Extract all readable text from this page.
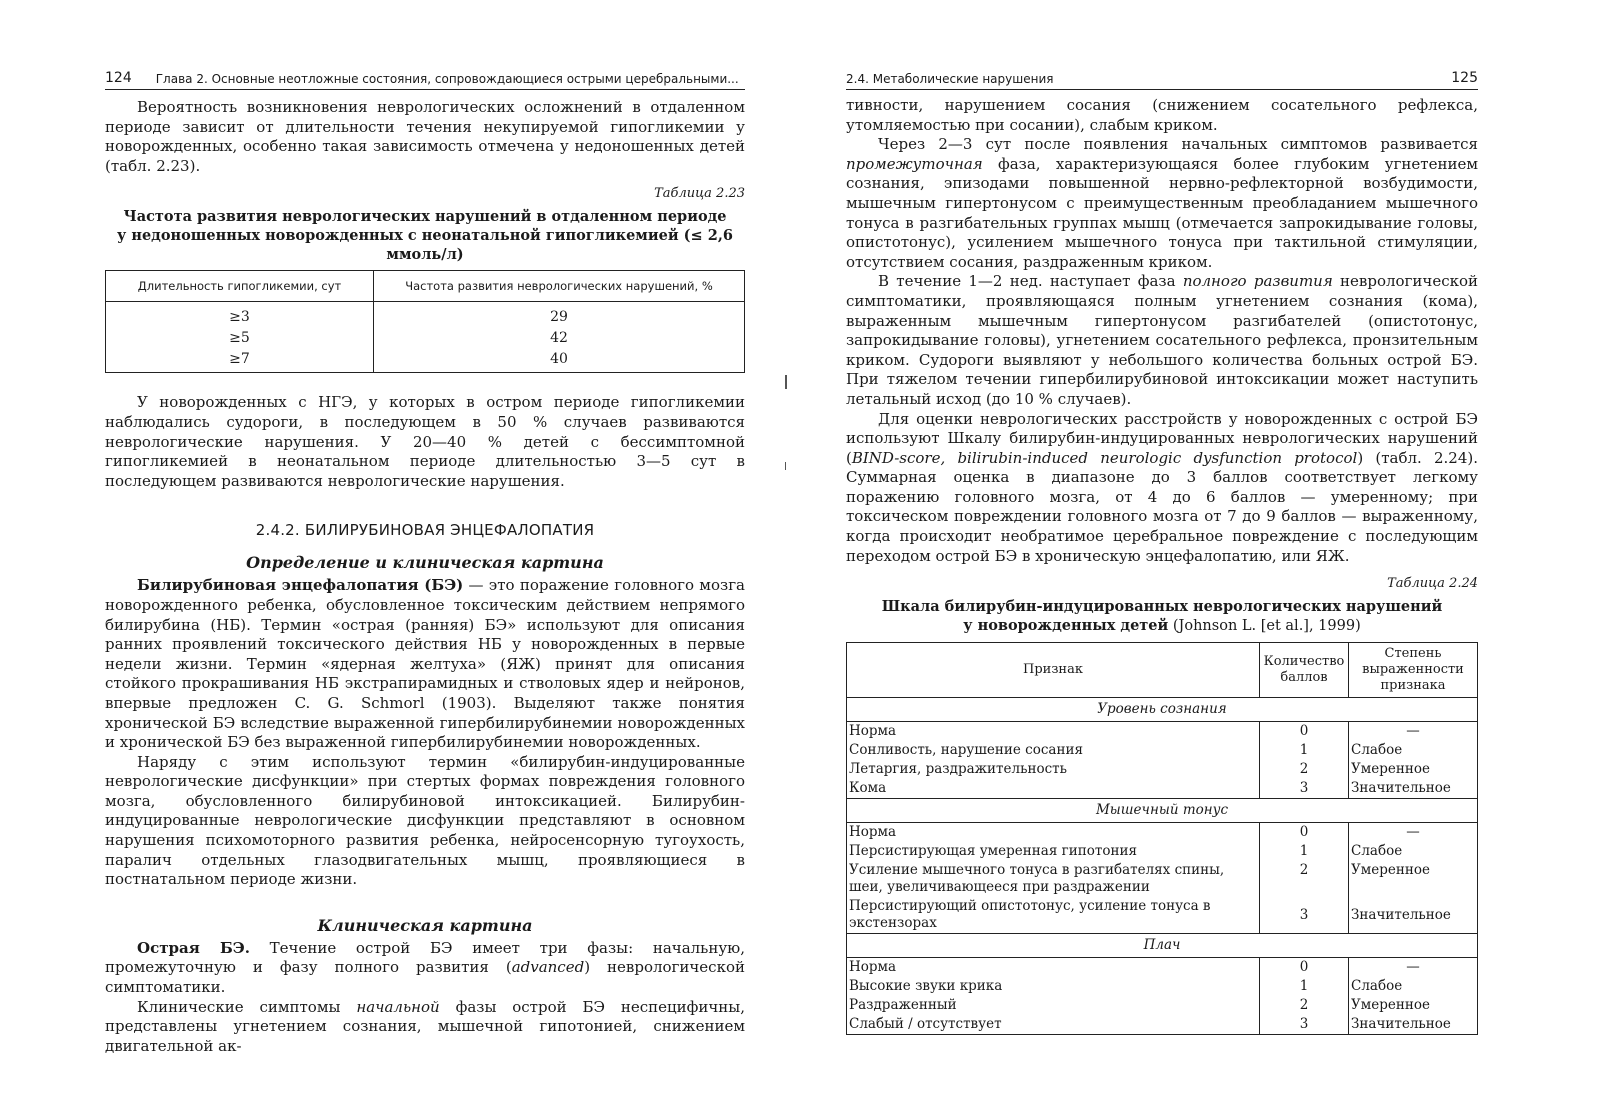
124 Глава 2. Основные неотложные состояния, сопровождающиеся острыми церебральными...

Вероятность возникновения неврологических осложнений в отдаленном периоде зависит от длительности течения некупируемой гипогликемии у новорожденных, особенно такая зависимость отмечена у недоношенных детей (табл. 2.23).

Таблица 2.23
Частота развития неврологических нарушений в отдаленном периоде
у недоношенных новорожденных с неонатальной гипогликемией (≤ 2,6 ммоль/л)
Длительность гипогликемии, сут	Частота развития неврологических нарушений, %
≥3	29
≥5	42
≥7	40

У новорожденных с НГЭ, у которых в остром периоде гипогликемии наблюдались судороги, в последующем в 50 % случаев развиваются неврологические нарушения. У 20—40 % детей с бессимптомной гипогликемией в неонатальном периоде длительностью 3—5 сут в последующем развиваются неврологические нарушения.

2.4.2. БИЛИРУБИНОВАЯ ЭНЦЕФАЛОПАТИЯ
Определение и клиническая картина

Билирубиновая энцефалопатия (БЭ) — это поражение головного мозга новорожденного ребенка, обусловленное токсическим действием непрямого билирубина (НБ). Термин «острая (ранняя) БЭ» используют для описания ранних проявлений токсического действия НБ у новорожденных в первые недели жизни. Термин «ядерная желтуха» (ЯЖ) принят для описания стойкого прокрашивания НБ экстрапирамидных и стволовых ядер и нейронов, впервые предложен C. G. Schmorl (1903). Выделяют также понятия хронической БЭ вследствие выраженной гипербилирубинемии новорожденных и хронической БЭ без выраженной гипербилирубинемии новорожденных.

Наряду с этим используют термин «билирубин-индуцированные неврологические дисфункции» при стертых формах повреждения головного мозга, обусловленного билирубиновой интоксикацией. Билирубин-индуцированные неврологические дисфункции представляют в основном нарушения психомоторного развития ребенка, нейросенсорную тугоухость, паралич отдельных глазодвигательных мышц, проявляющиеся в постнатальном периоде жизни.

Клиническая картина

Острая БЭ. Течение острой БЭ имеет три фазы: начальную, промежуточную и фазу полного развития (advanced) неврологической симптоматики.

Клинические симптомы начальной фазы острой БЭ неспецифичны, представлены угнетением сознания, мышечной гипотонией, снижением двигательной ак-

2.4. Метаболические нарушения	125

тивности, нарушением сосания (снижением сосательного рефлекса, утомляемостью при сосании), слабым криком.

Через 2—3 сут после появления начальных симптомов развивается промежуточная фаза, характеризующаяся более глубоким угнетением сознания, эпизодами повышенной нервно-рефлекторной возбудимости, мышечным гипертонусом с преимущественным преобладанием мышечного тонуса в разгибательных группах мышц (отмечается запрокидывание головы, опистотонус), усилением мышечного тонуса при тактильной стимуляции, отсутствием сосания, раздраженным криком.

В течение 1—2 нед. наступает фаза полного развития неврологической симптоматики, проявляющаяся полным угнетением сознания (кома), выраженным мышечным гипертонусом разгибателей (опистотонус, запрокидывание головы), угнетением сосательного рефлекса, пронзительным криком. Судороги выявляют у небольшого количества больных острой БЭ. При тяжелом течении гипербилирубиновой интоксикации может наступить летальный исход (до 10 % случаев).

Для оценки неврологических расстройств у новорожденных с острой БЭ используют Шкалу билирубин-индуцированных неврологических нарушений (BIND-score, bilirubin-induced neurologic dysfunction protocol) (табл. 2.24). Суммарная оценка в диапазоне до 3 баллов соответствует легкому поражению головного мозга, от 4 до 6 баллов — умеренному; при токсическом повреждении головного мозга от 7 до 9 баллов — выраженному, когда происходит необратимое церебральное повреждение с последующим переходом острой БЭ в хроническую энцефалопатию, или ЯЖ.

Таблица 2.24
Шкала билирубин-индуцированных неврологических нарушений
у новорожденных детей (Johnson L. [et al.], 1999)
Признак	Количество баллов	Степень выраженности признака
Уровень сознания		
Норма	0	—
Сонливость, нарушение сосания	1	Слабое
Летаргия, раздражительность	2	Умеренное
Кома	3	Значительное
Мышечный тонус		
Норма	0	—
Персистирующая умеренная гипотония	1	Слабое
Усиление мышечного тонуса в разгибателях спины, шеи, увеличивающееся при раздражении	2	Умеренное
Персистирующий опистотонус, усиление тонуса в экстензорах	3	Значительное
Плач		
Норма	0	—
Высокие звуки крика	1	Слабое
Раздраженный	2	Умеренное
Слабый / отсутствует	3	Значительное
